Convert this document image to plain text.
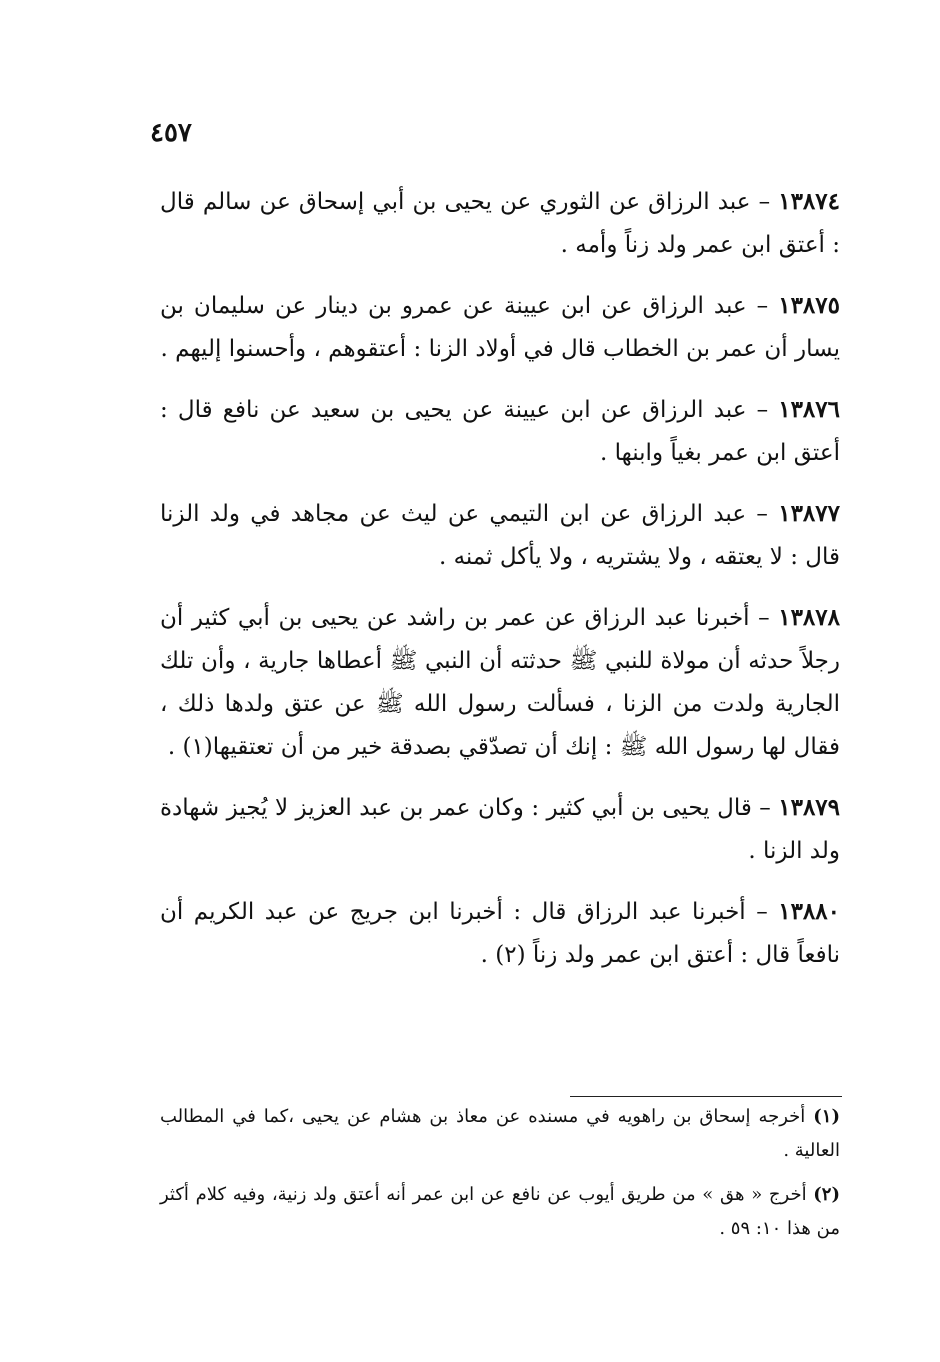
٤٥٧

١٣٨٧٤ – عبد الرزاق عن الثوري عن يحيى بن أبي إسحاق عن سالم قال : أعتق ابن عمر ولد زناً وأمه .

١٣٨٧٥ – عبد الرزاق عن ابن عيينة عن عمرو بن دينار عن سليمان بن يسار أن عمر بن الخطاب قال في أولاد الزنا : أعتقوهم ، وأحسنوا إليهم .

١٣٨٧٦ – عبد الرزاق عن ابن عيينة عن يحيى بن سعيد عن نافع قال : أعتق ابن عمر بغياً وابنها .

١٣٨٧٧ – عبد الرزاق عن ابن التيمي عن ليث عن مجاهد في ولد الزنا قال : لا يعتقه ، ولا يشتريه ، ولا يأكل ثمنه .

١٣٨٧٨ – أخبرنا عبد الرزاق عن عمر بن راشد عن يحيى بن أبي كثير أن رجلاً حدثه أن مولاة للنبي ﷺ حدثته أن النبي ﷺ أعطاها جارية ، وأن تلك الجارية ولدت من الزنا ، فسألت رسول الله ﷺ عن عتق ولدها ذلك ، فقال لها رسول الله ﷺ : إنك أن تصدّقي بصدقة خير من أن تعتقيها(١) .

١٣٨٧٩ – قال يحيى بن أبي كثير : وكان عمر بن عبد العزيز لا يُجيز شهادة ولد الزنا .

١٣٨٨٠ – أخبرنا عبد الرزاق قال : أخبرنا ابن جريج عن عبد الكريم أن نافعاً قال : أعتق ابن عمر ولد زناً (٢) .

(١) أخرجه إسحاق بن راهويه في مسنده عن معاذ بن هشام عن يحيى ،كما في المطالب العالية .

(٢) أخرج « هق » من طريق أيوب عن نافع عن ابن عمر أنه أعتق ولد زنية، وفيه كلام أكثر من هذا ١٠: ٥٩ .
